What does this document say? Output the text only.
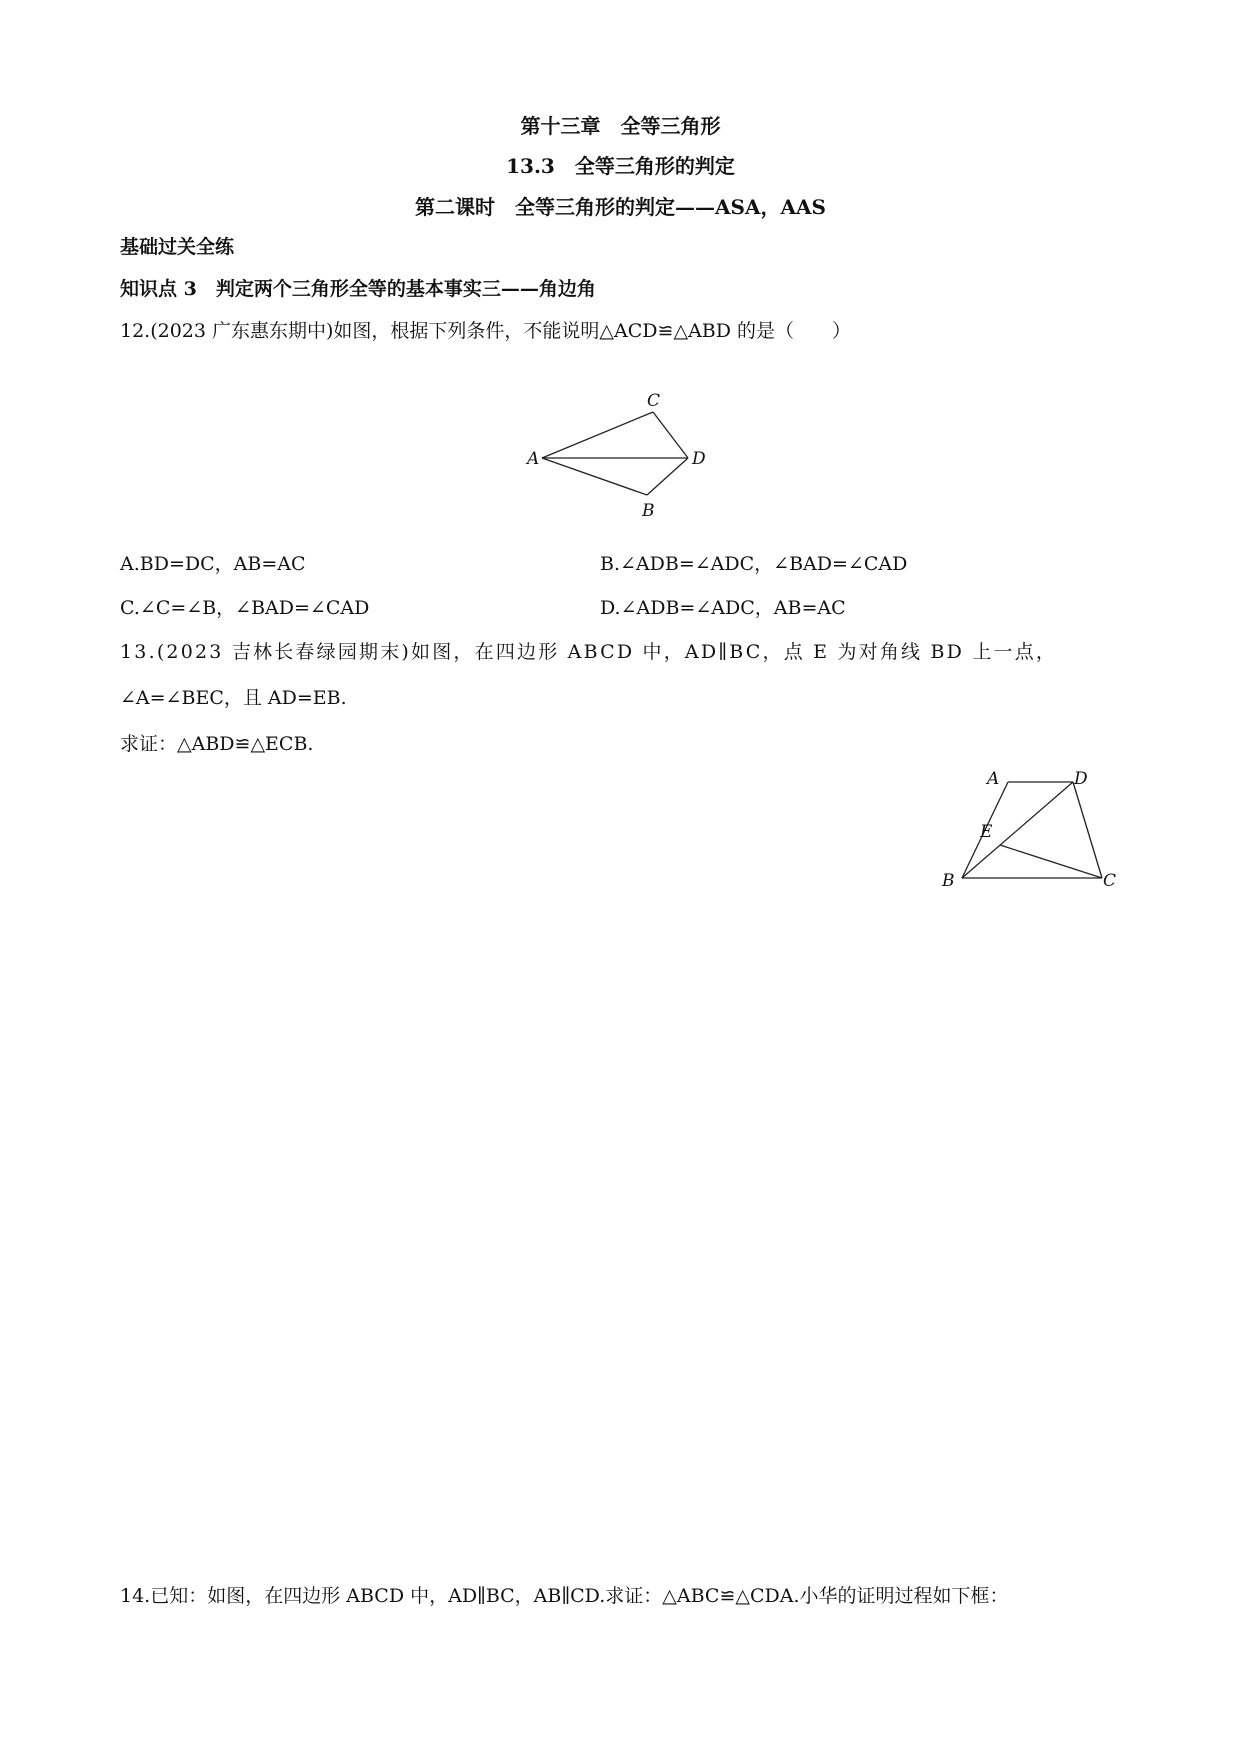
第十三章　全等三角形
13.3　全等三角形的判定
第二课时　全等三角形的判定——ASA，AAS
基础过关全练
知识点 3　判定两个三角形全等的基本事实三——角边角
12.(2023 广东惠东期中)如图，根据下列条件，不能说明△ACD≌△ABD 的是（　　）
A
C
D
B
A.BD=DC，AB=AC	B.∠ADB=∠ADC，∠BAD=∠CAD
C.∠C=∠B，∠BAD=∠CAD	D.∠ADB=∠ADC，AB=AC
13.(2023 吉林长春绿园期末)如图，在四边形 ABCD 中，AD∥BC，点 E 为对角线 BD 上一点，
∠A=∠BEC，且 AD=EB.
求证：△ABD≌△ECB.
A	D
E
B	C
14.已知：如图，在四边形 ABCD 中，AD∥BC，AB∥CD.求证：△ABC≌△CDA.小华的证明过程如下框：
